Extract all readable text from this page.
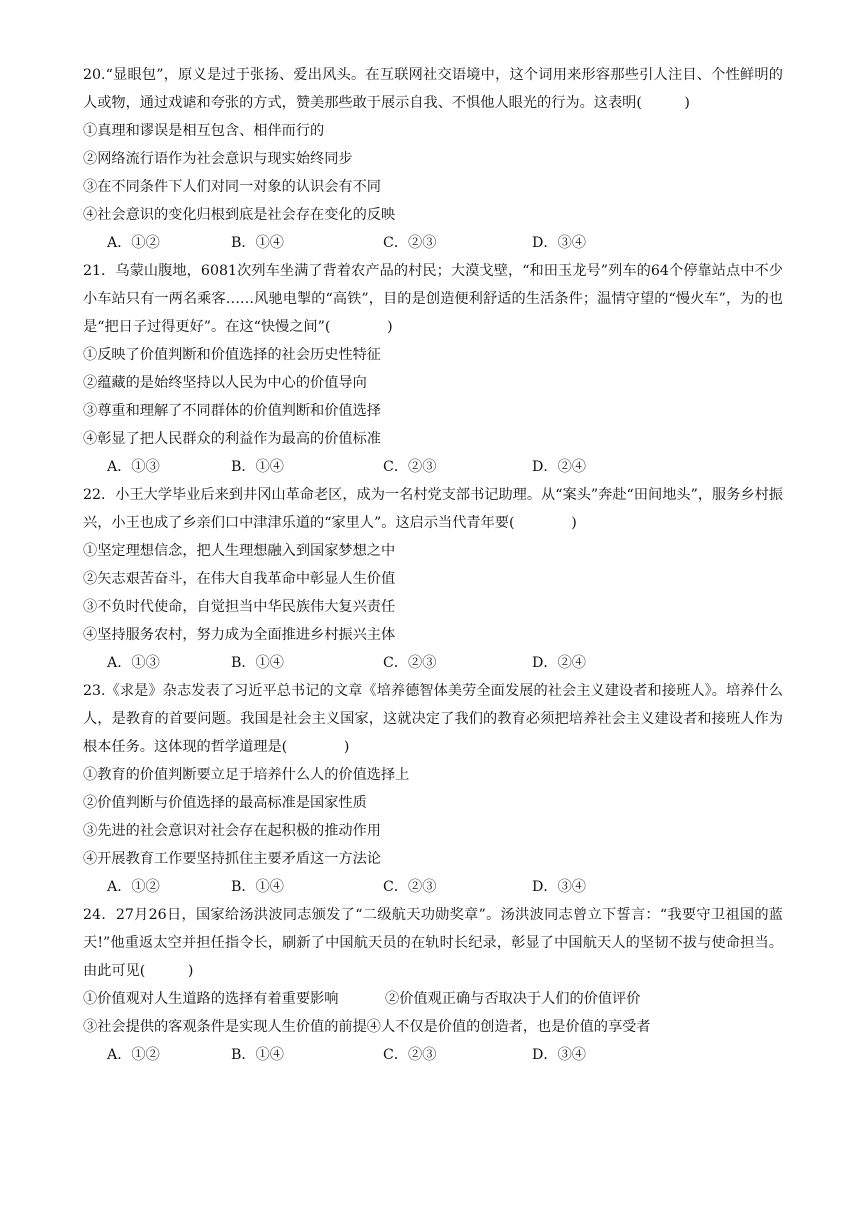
20.“显眼包”，原义是过于张扬、爱出风头。在互联网社交语境中，这个词用来形容那些引人注目、个性鲜明的人或物，通过戏谑和夸张的方式，赞美那些敢于展示自我、不惧他人眼光的行为。这表明(　　　)

①真理和谬误是相互包含、相伴而行的

②网络流行语作为社会意识与现实始终同步

③在不同条件下人们对同一对象的认识会有不同

④社会意识的变化归根到底是社会存在变化的反映

A．①②	B．①④	C．②③	D．③④

21．乌蒙山腹地，6081次列车坐满了背着农产品的村民；大漠戈壁，“和田玉龙号”列车的64个停靠站点中不少小车站只有一两名乘客……风驰电掣的“高铁”，目的是创造便利舒适的生活条件；温情守望的“慢火车”，为的也是“把日子过得更好”。在这“快慢之间”(　　　　)

①反映了价值判断和价值选择的社会历史性特征

②蕴藏的是始终坚持以人民为中心的价值导向

③尊重和理解了不同群体的价值判断和价值选择

④彰显了把人民群众的利益作为最高的价值标准

A．①③	B．①④	C．②③	D．②④

22．小王大学毕业后来到井冈山革命老区，成为一名村党支部书记助理。从“案头”奔赴“田间地头”，服务乡村振兴，小王也成了乡亲们口中津津乐道的“家里人”。这启示当代青年要(　　　　)

①坚定理想信念，把人生理想融入到国家梦想之中

②矢志艰苦奋斗，在伟大自我革命中彰显人生价值

③不负时代使命，自觉担当中华民族伟大复兴责任

④坚持服务农村，努力成为全面推进乡村振兴主体

A．①③	B．①④	C．②③	D．②④

23.《求是》杂志发表了习近平总书记的文章《培养德智体美劳全面发展的社会主义建设者和接班人》。培养什么人，是教育的首要问题。我国是社会主义国家，这就决定了我们的教育必须把培养社会主义建设者和接班人作为根本任务。这体现的哲学道理是(　　　　)

①教育的价值判断要立足于培养什么人的价值选择上

②价值判断与价值选择的最高标准是国家性质

③先进的社会意识对社会存在起积极的推动作用

④开展教育工作要坚持抓住主要矛盾这一方法论

A．①②	B．①④	C．②③	D．③④

24．27月26日，国家给汤洪波同志颁发了“二级航天功勋奖章”。汤洪波同志曾立下誓言：“我要守卫祖国的蓝天!”他重返太空并担任指令长，刷新了中国航天员的在轨时长纪录，彰显了中国航天人的坚韧不拔与使命担当。由此可见(　　　)

①价值观对人生道路的选择有着重要影响	②价值观正确与否取决于人们的价值评价
③社会提供的客观条件是实现人生价值的前提 ④人不仅是价值的创造者，也是价值的享受者
A．①②	B．①④	C．②③	D．③④
